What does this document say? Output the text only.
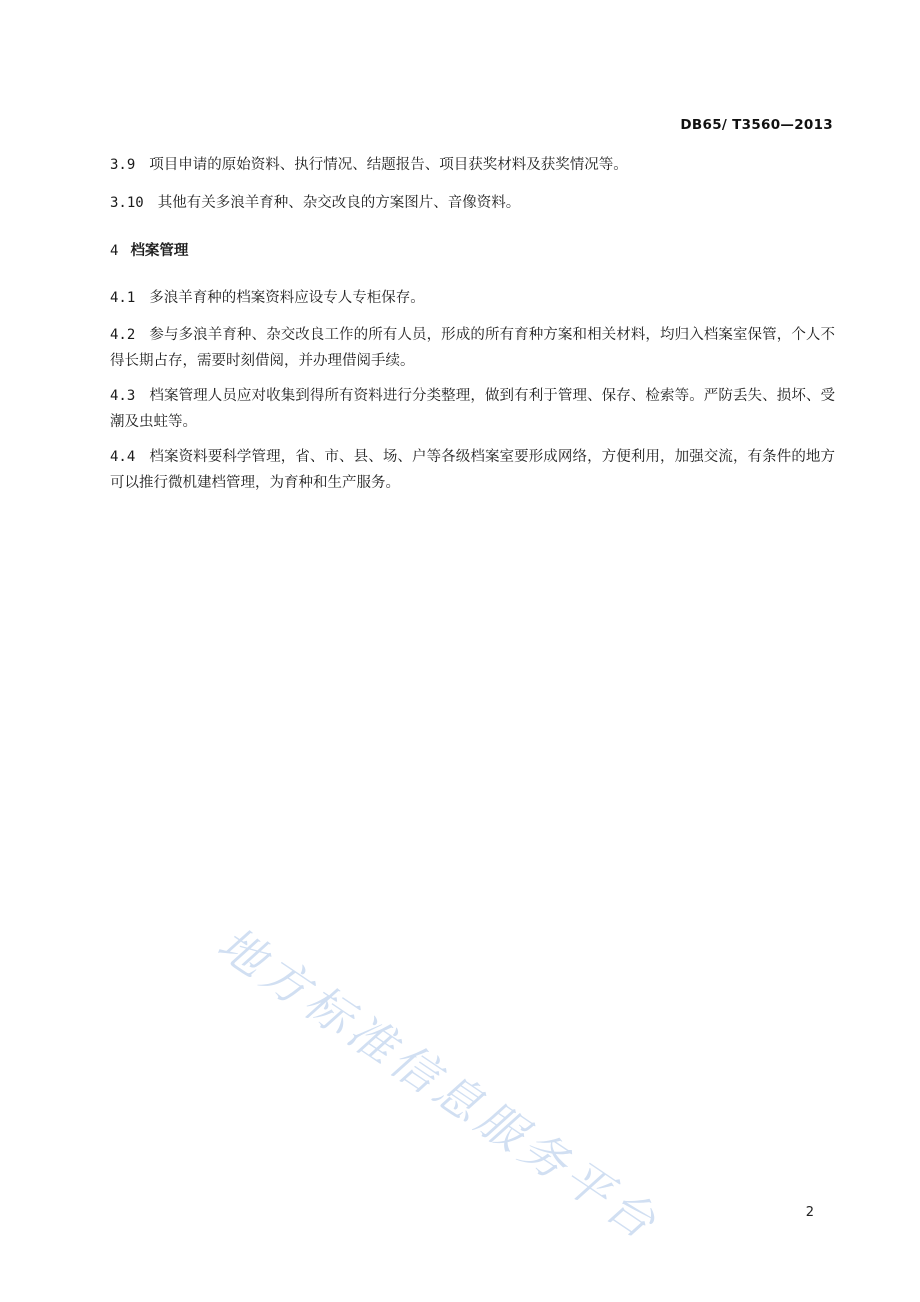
DB65/ T3560—2013
3.9 项目申请的原始资料、执行情况、结题报告、项目获奖材料及获奖情况等。
3.10 其他有关多浪羊育种、杂交改良的方案图片、音像资料。
4 档案管理
4.1 多浪羊育种的档案资料应设专人专柜保存。
4.2 参与多浪羊育种、杂交改良工作的所有人员，形成的所有育种方案和相关材料，均归入档案室保管，个人不得长期占存，需要时刻借阅，并办理借阅手续。
4.3 档案管理人员应对收集到得所有资料进行分类整理，做到有利于管理、保存、检索等。严防丢失、损坏、受潮及虫蛀等。
4.4 档案资料要科学管理，省、市、县、场、户等各级档案室要形成网络，方便利用，加强交流，有条件的地方可以推行微机建档管理，为育种和生产服务。
地方标准信息服务平台	2
